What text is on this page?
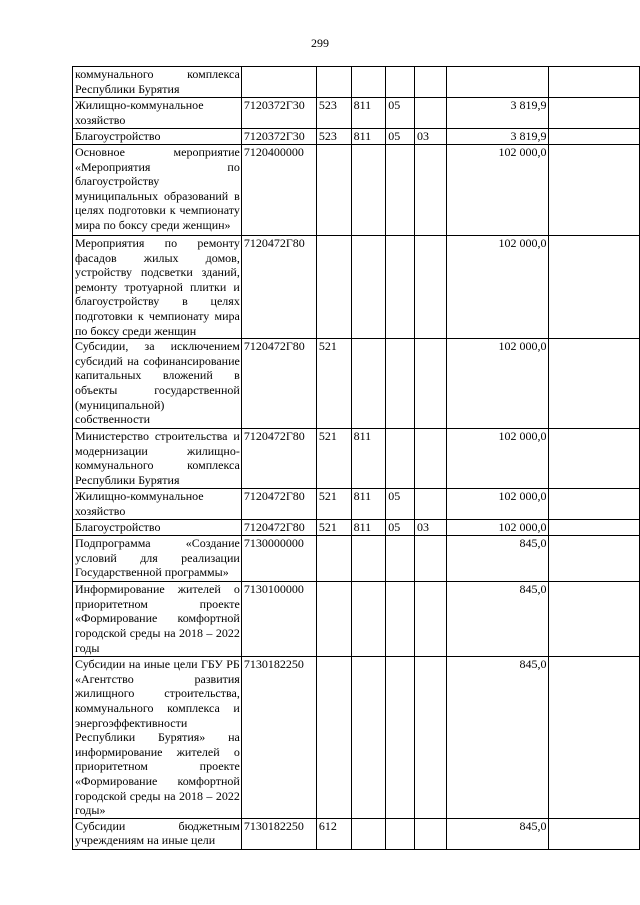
299
коммунального комплекса Республики Бурятия							
Жилищно-коммунальное хозяйство	7120372Г30	523	811	05		3 819,9	
Благоустройство	7120372Г30	523	811	05	03	3 819,9	
Основное мероприятие «Мероприятия по благоустройству муниципальных образований в целях подготовки к чемпионату мира по боксу среди женщин»	7120400000					102 000,0	
Мероприятия по ремонту фасадов жилых домов, устройству подсветки зданий, ремонту тротуарной плитки и благоустройству в целях подготовки к чемпионату мира по боксу среди женщин	7120472Г80					102 000,0	
Субсидии, за исключением субсидий на софинансирование капитальных вложений в объекты государственной (муниципальной) собственности	7120472Г80	521				102 000,0	
Министерство строительства и модернизации жилищно-коммунального комплекса Республики Бурятия	7120472Г80	521	811			102 000,0	
Жилищно-коммунальное хозяйство	7120472Г80	521	811	05		102 000,0	
Благоустройство	7120472Г80	521	811	05	03	102 000,0	
Подпрограмма «Создание условий для реализации Государственной программы»	7130000000					845,0	
Информирование жителей о приоритетном проекте «Формирование комфортной городской среды на 2018 – 2022 годы	7130100000					845,0	
Субсидии на иные цели ГБУ РБ «Агентство развития жилищного строительства, коммунального комплекса и энергоэффективности Республики Бурятия» на информирование жителей о приоритетном проекте «Формирование комфортной городской среды на 2018 – 2022 годы»	7130182250					845,0	
Субсидии бюджетным учреждениям на иные цели	7130182250	612				845,0	
